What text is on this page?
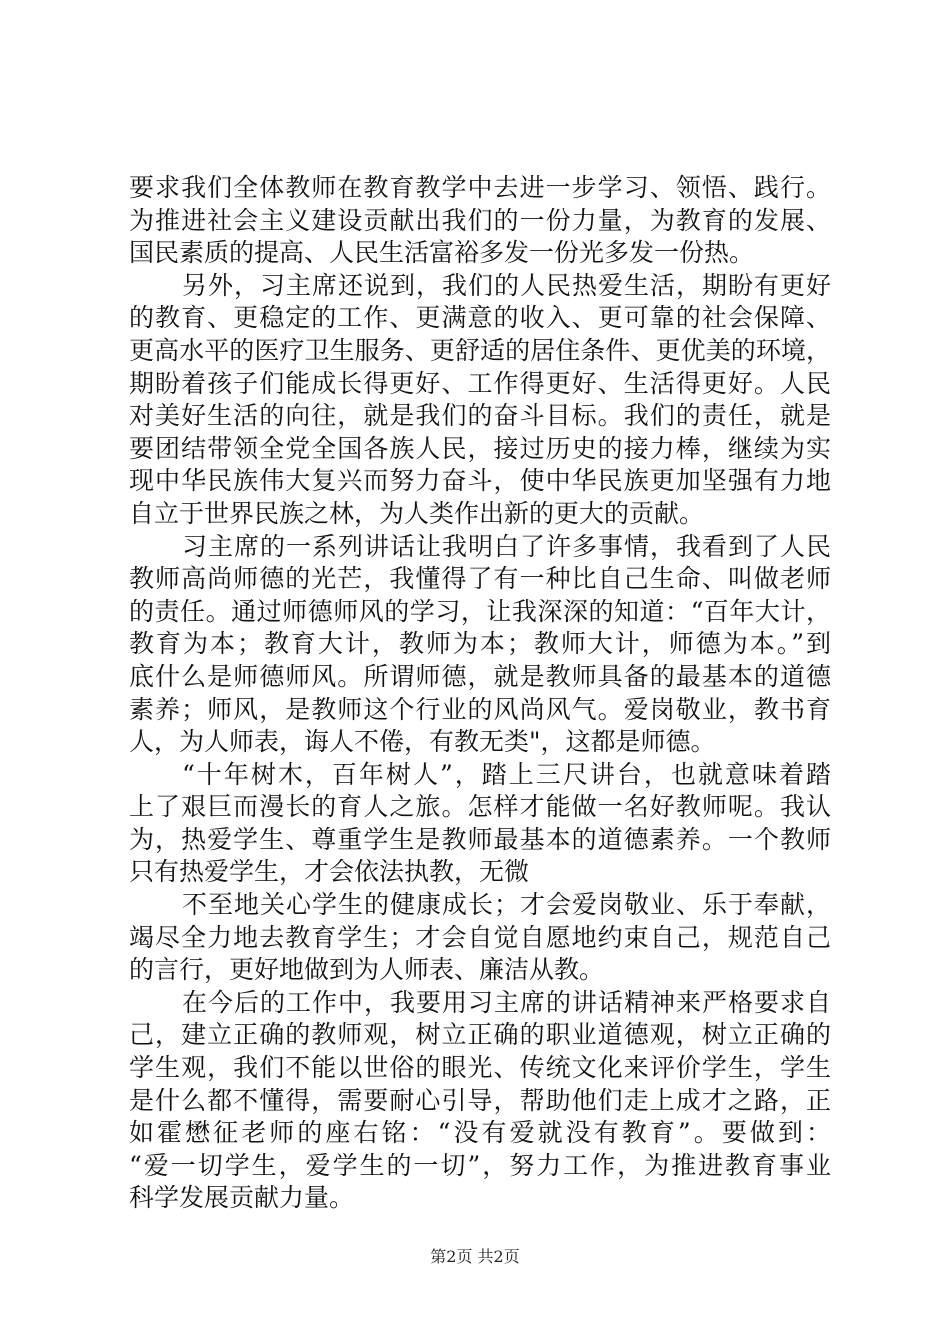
要求我们全体教师在教育教学中去进一步学习、领悟、践行。
为推进社会主义建设贡献出我们的一份力量，为教育的发展、
国民素质的提高、人民生活富裕多发一份光多发一份热。
另外，习主席还说到，我们的人民热爱生活，期盼有更好
的教育、更稳定的工作、更满意的收入、更可靠的社会保障、
更高水平的医疗卫生服务、更舒适的居住条件、更优美的环境，
期盼着孩子们能成长得更好、工作得更好、生活得更好。人民
对美好生活的向往，就是我们的奋斗目标。我们的责任，就是
要团结带领全党全国各族人民，接过历史的接力棒，继续为实
现中华民族伟大复兴而努力奋斗，使中华民族更加坚强有力地
自立于世界民族之林，为人类作出新的更大的贡献。
习主席的一系列讲话让我明白了许多事情，我看到了人民
教师高尚师德的光芒，我懂得了有一种比自己生命、叫做老师
的责任。通过师德师风的学习，让我深深的知道：“百年大计，
教育为本；教育大计，教师为本；教师大计，师德为本。”到
底什么是师德师风。所谓师德，就是教师具备的最基本的道德
素养；师风，是教师这个行业的风尚风气。爱岗敬业，教书育
人，为人师表，诲人不倦，有教无类"，这都是师德。
“十年树木，百年树人”，踏上三尺讲台，也就意味着踏
上了艰巨而漫长的育人之旅。怎样才能做一名好教师呢。我认
为，热爱学生、尊重学生是教师最基本的道德素养。一个教师
只有热爱学生，才会依法执教，无微
不至地关心学生的健康成长；才会爱岗敬业、乐于奉献，
竭尽全力地去教育学生；才会自觉自愿地约束自己，规范自己
的言行，更好地做到为人师表、廉洁从教。
在今后的工作中，我要用习主席的讲话精神来严格要求自
己，建立正确的教师观，树立正确的职业道德观，树立正确的
学生观，我们不能以世俗的眼光、传统文化来评价学生，学生
是什么都不懂得，需要耐心引导，帮助他们走上成才之路，正
如霍懋征老师的座右铭：“没有爱就没有教育”。要做到：
“爱一切学生，爱学生的一切”，努力工作，为推进教育事业
科学发展贡献力量。
第2页 共2页
